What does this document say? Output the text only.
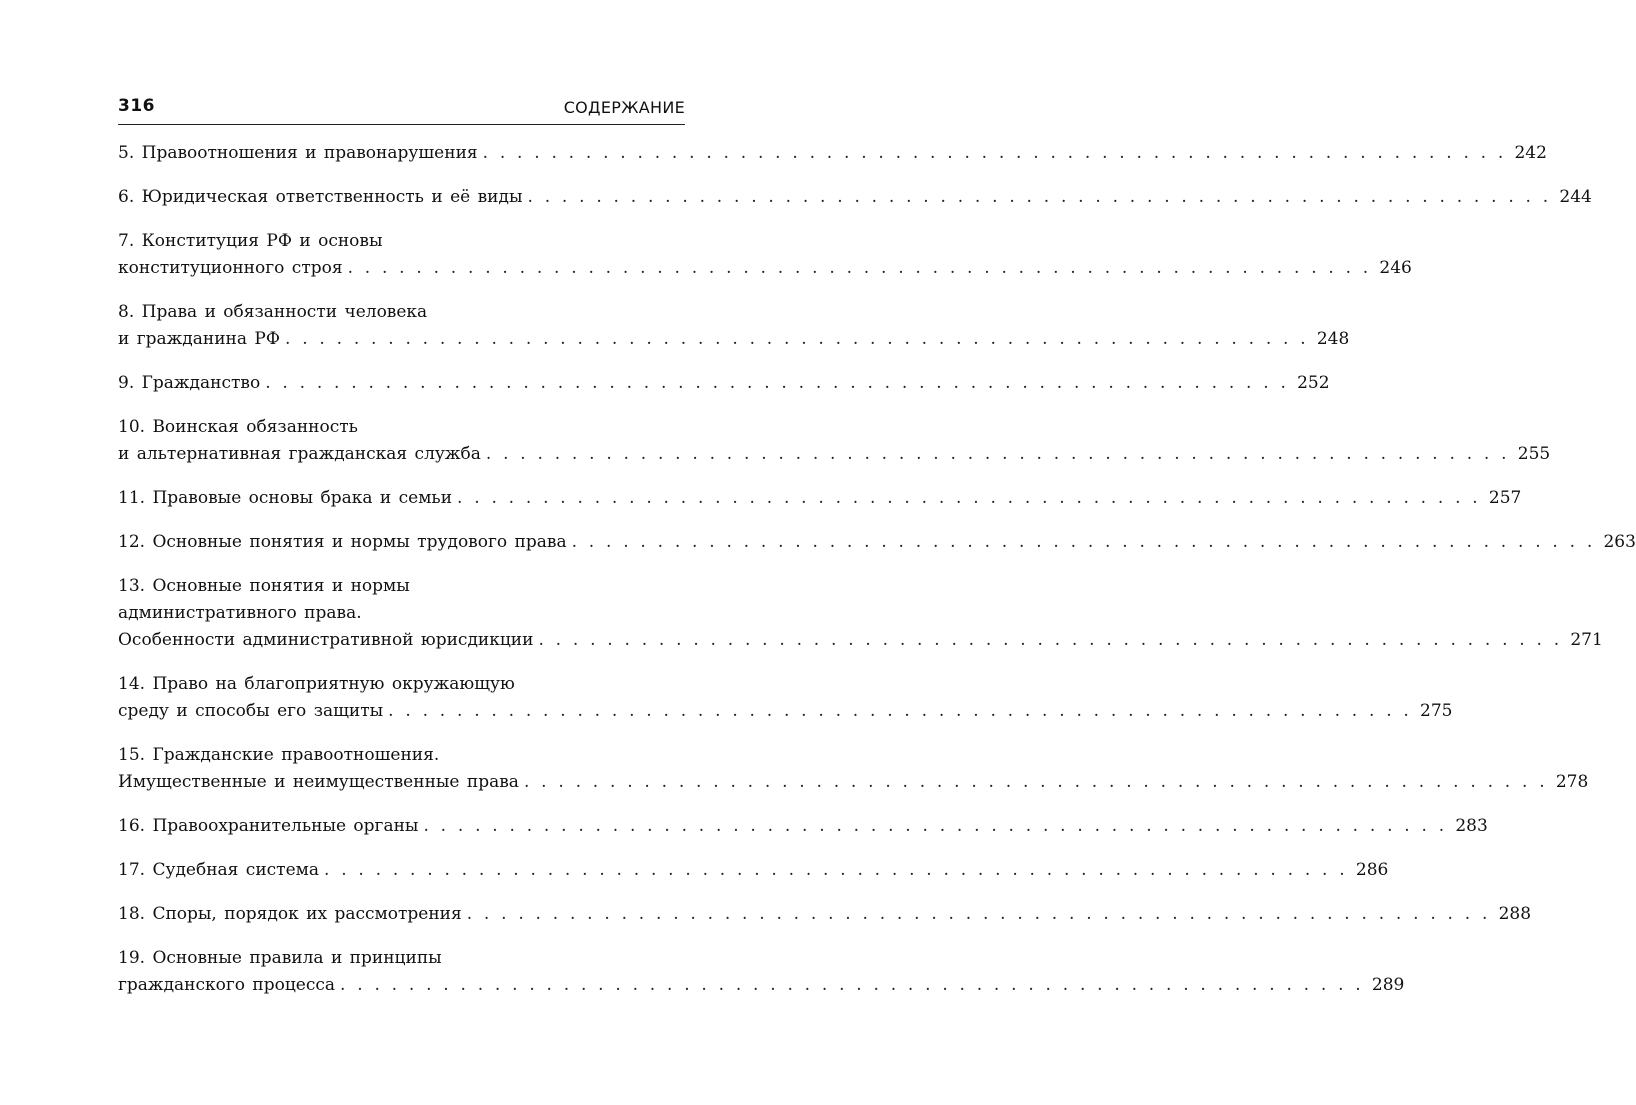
316	СОДЕРЖАНИЕ
5. Правоотношения и правонарушения . . . . . . . . . . . . . . . . . . . . . . . . . . . . . . . . . . . . . . . . . . . . . . . . . . . . . . . . . . . . 242
6. Юридическая ответственность и её виды . . . . . . . . . . . . . . . . . . . . . . . . . . . . . . . . . . . . . . . . . . . . . . . . . . . . . . . . . . . . 244
7. Конституция РФ и основы
конституционного строя . . . . . . . . . . . . . . . . . . . . . . . . . . . . . . . . . . . . . . . . . . . . . . . . . . . . . . . . . . . . 246
8. Права и обязанности человека
и гражданина РФ . . . . . . . . . . . . . . . . . . . . . . . . . . . . . . . . . . . . . . . . . . . . . . . . . . . . . . . . . . . . 248
9. Гражданство . . . . . . . . . . . . . . . . . . . . . . . . . . . . . . . . . . . . . . . . . . . . . . . . . . . . . . . . . . . . 252
10. Воинская обязанность
и альтернативная гражданская служба . . . . . . . . . . . . . . . . . . . . . . . . . . . . . . . . . . . . . . . . . . . . . . . . . . . . . . . . . . . . 255
11. Правовые основы брака и семьи . . . . . . . . . . . . . . . . . . . . . . . . . . . . . . . . . . . . . . . . . . . . . . . . . . . . . . . . . . . . 257
12. Основные понятия и нормы трудового права . . . . . . . . . . . . . . . . . . . . . . . . . . . . . . . . . . . . . . . . . . . . . . . . . . . . . . . . . . . . 263
13. Основные понятия и нормы
административного права.
Особенности административной юрисдикции . . . . . . . . . . . . . . . . . . . . . . . . . . . . . . . . . . . . . . . . . . . . . . . . . . . . . . . . . . . . 271
14. Право на благоприятную окружающую
среду и способы его защиты . . . . . . . . . . . . . . . . . . . . . . . . . . . . . . . . . . . . . . . . . . . . . . . . . . . . . . . . . . . . 275
15. Гражданские правоотношения.
Имущественные и неимущественные права . . . . . . . . . . . . . . . . . . . . . . . . . . . . . . . . . . . . . . . . . . . . . . . . . . . . . . . . . . . . 278
16. Правоохранительные органы . . . . . . . . . . . . . . . . . . . . . . . . . . . . . . . . . . . . . . . . . . . . . . . . . . . . . . . . . . . . 283
17. Судебная система . . . . . . . . . . . . . . . . . . . . . . . . . . . . . . . . . . . . . . . . . . . . . . . . . . . . . . . . . . . . 286
18. Споры, порядок их рассмотрения . . . . . . . . . . . . . . . . . . . . . . . . . . . . . . . . . . . . . . . . . . . . . . . . . . . . . . . . . . . . 288
19. Основные правила и принципы
гражданского процесса . . . . . . . . . . . . . . . . . . . . . . . . . . . . . . . . . . . . . . . . . . . . . . . . . . . . . . . . . . . . 289
